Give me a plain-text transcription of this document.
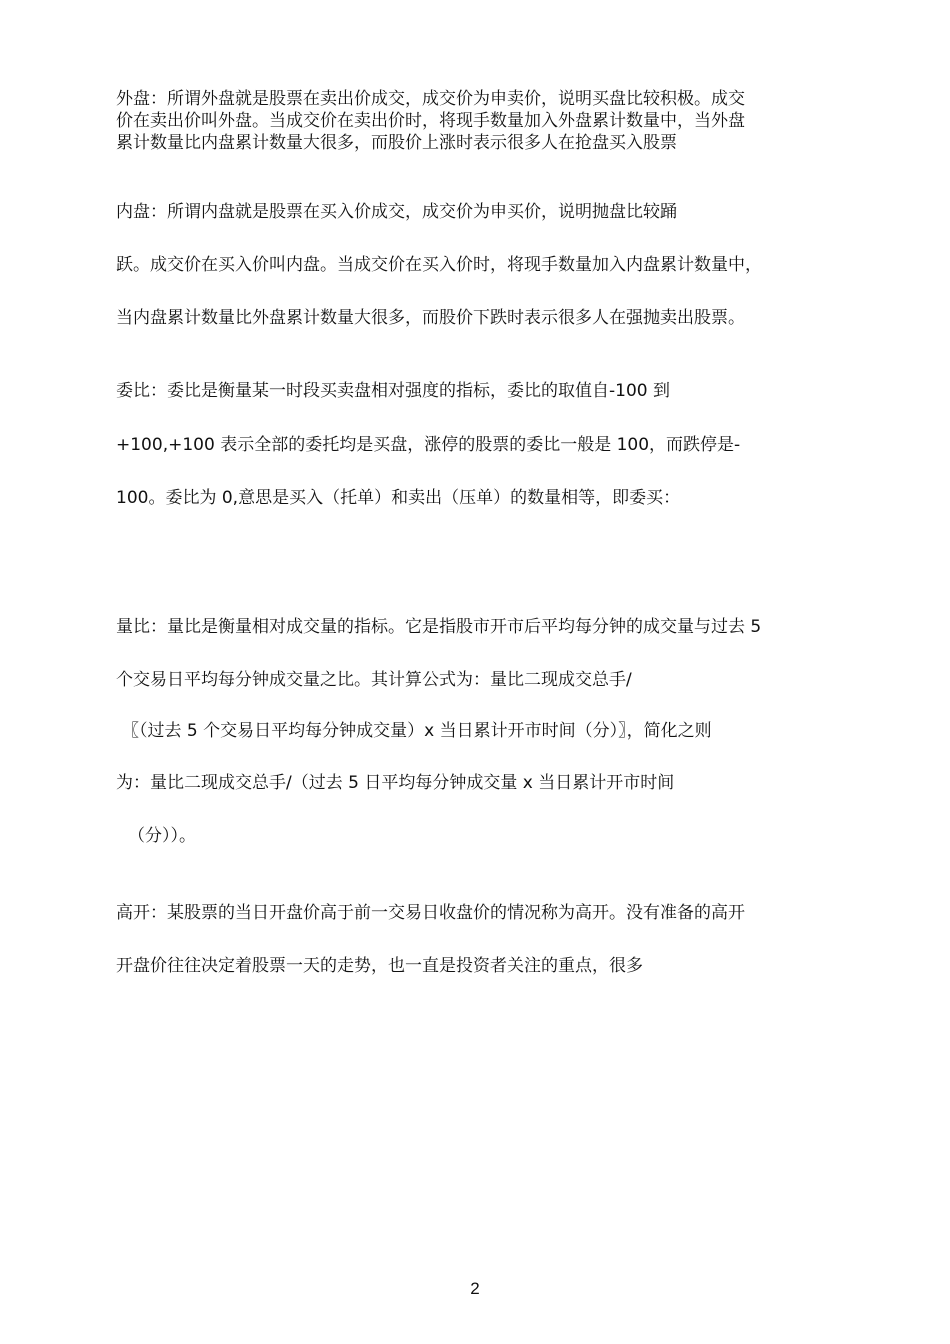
外盘：所谓外盘就是股票在卖出价成交，成交价为申卖价，说明买盘比较积极。成交
价在卖出价叫外盘。当成交价在卖出价时，将现手数量加入外盘累计数量中，当外盘
累计数量比内盘累计数量大很多，而股价上涨时表示很多人在抢盘买入股票
内盘：所谓内盘就是股票在买入价成交，成交价为申买价，说明抛盘比较踊
跃。成交价在买入价叫内盘。当成交价在买入价时，将现手数量加入内盘累计数量中，
当内盘累计数量比外盘累计数量大很多，而股价下跌时表示很多人在强抛卖出股票。
委比：委比是衡量某一时段买卖盘相对强度的指标，委比的取值自-100 到
+100,+100 表示全部的委托均是买盘，涨停的股票的委比一般是 100，而跌停是-
100。委比为 0,意思是买入（托单）和卖出（压单）的数量相等，即委买：
量比：量比是衡量相对成交量的指标。它是指股市开市后平均每分钟的成交量与过去 5
个交易日平均每分钟成交量之比。其计算公式为：量比二现成交总手/
〖（过去 5 个交易日平均每分钟成交量）x 当日累计开市时间（分）〗，简化之则
为：量比二现成交总手/（过去 5 日平均每分钟成交量 x 当日累计开市时间
（分））。
高开：某股票的当日开盘价高于前一交易日收盘价的情况称为高开。没有准备的高开
开盘价往往决定着股票一天的走势，也一直是投资者关注的重点，很多
2
